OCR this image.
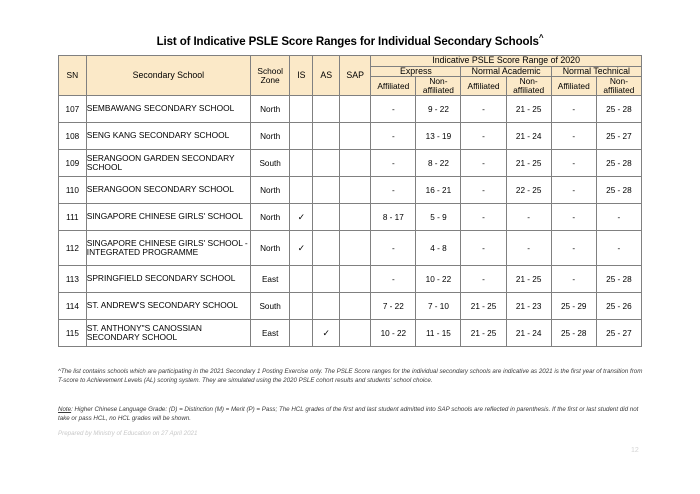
List of Indicative PSLE Score Ranges for Individual Secondary Schools^
SN	Secondary School	School Zone	IS	AS	SAP	Indicative PSLE Score Range of 2020					
						Express		Normal Academic		Normal Technical	
						Affiliated	Non-affiliated	Affiliated	Non-affiliated	Affiliated	Non-affiliated
107	SEMBAWANG SECONDARY SCHOOL	North				-	9 - 22	-	21 - 25	-	25 - 28
108	SENG KANG SECONDARY SCHOOL	North				-	13 - 19	-	21 - 24	-	25 - 27
109	SERANGOON GARDEN SECONDARY SCHOOL	South				-	8 - 22	-	21 - 25	-	25 - 28
110	SERANGOON SECONDARY SCHOOL	North				-	16 - 21	-	22 - 25	-	25 - 28
111	SINGAPORE CHINESE GIRLS' SCHOOL	North	✓			8 - 17	5 - 9	-	-	-	-
112	SINGAPORE CHINESE GIRLS' SCHOOL - INTEGRATED PROGRAMME	North	✓			-	4 - 8	-	-	-	-
113	SPRINGFIELD SECONDARY SCHOOL	East				-	10 - 22	-	21 - 25	-	25 - 28
114	ST. ANDREW'S SECONDARY SCHOOL	South				7 - 22	7 - 10	21 - 25	21 - 23	25 - 29	25 - 26
115	ST. ANTHONY"S CANOSSIAN SECONDARY SCHOOL	East		✓		10 - 22	11 - 15	21 - 25	21 - 24	25 - 28	25 - 27
^The list contains schools which are participating in the 2021 Secondary 1 Posting Exercise only. The PSLE Score ranges for the individual secondary schools are indicative as 2021 is the first year of transition from T-score to Achievement Levels (AL) scoring system. They are simulated using the 2020 PSLE cohort results and students' school choice.
Note: Higher Chinese Language Grade: (D) = Distinction (M) = Merit (P) = Pass; The HCL grades of the first and last student admitted into SAP schools are reflected in parenthesis. If the first or last student did not take or pass HCL, no HCL grades will be shown.
Prepared by Ministry of Education on 27 April 2021
12
